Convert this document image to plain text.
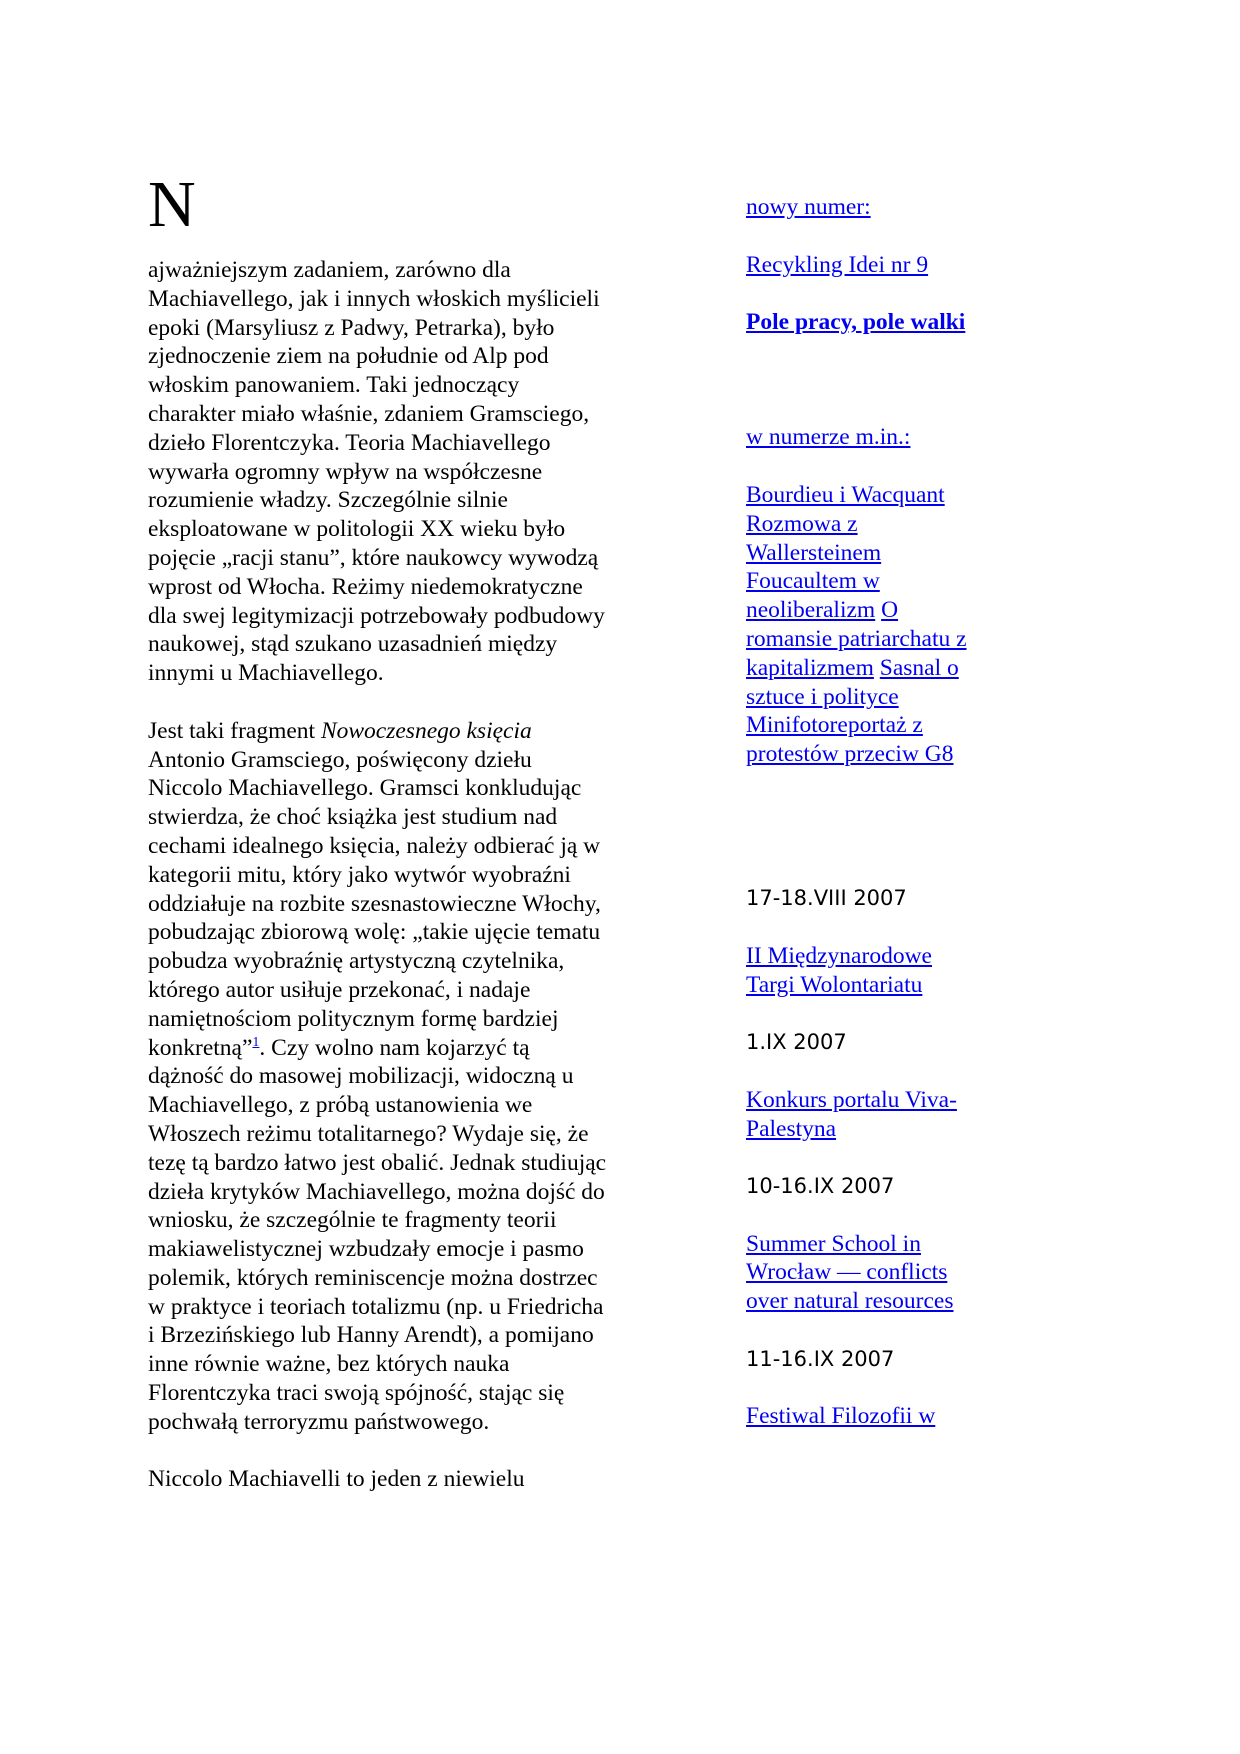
N

ajważniejszym zadaniem, zarówno dla Machiavellego, jak i innych włoskich myślicieli epoki (Marsyliusz z Padwy, Petrarka), było zjednoczenie ziem na południe od Alp pod włoskim panowaniem. Taki jednoczący charakter miało właśnie, zdaniem Gramsciego, dzieło Florentczyka. Teoria Machiavellego wywarła ogromny wpływ na współczesne rozumienie władzy. Szczególnie silnie eksploatowane w politologii XX wieku było pojęcie „racji stanu”, które naukowcy wywodzą wprost od Włocha. Reżimy niedemokratyczne dla swej legitymizacji potrzebowały podbudowy naukowej, stąd szukano uzasadnień między innymi u Machiavellego.

Jest taki fragment Nowoczesnego księcia Antonio Gramsciego, poświęcony dziełu Niccolo Machiavellego. Gramsci konkludując stwierdza, że choć książka jest studium nad cechami idealnego księcia, należy odbierać ją w kategorii mitu, który jako wytwór wyobraźni oddziałuje na rozbite szesnastowieczne Włochy, pobudzając zbiorową wolę: „takie ujęcie tematu pobudza wyobraźnię artystyczną czytelnika, którego autor usiłuje przekonać, i nadaje namiętnościom politycznym formę bardziej konkretną”$^1$. Czy wolno nam kojarzyć tą dążność do masowej mobilizacji, widoczną u Machiavellego, z próbą ustanowienia we Włoszech reżimu totalitarnego? Wydaje się, że tezę tą bardzo łatwo jest obalić. Jednak studiując dzieła krytyków Machiavellego, można dojść do wniosku, że szczególnie te fragmenty teorii makiawelistycznej wzbudzały emocje i pasmo polemik, których reminiscencje można dostrzec w praktyce i teoriach totalizmu (np. u Friedricha i Brzezińskiego lub Hanny Arendt), a pomijano inne równie ważne, bez których nauka Florentczyka traci swoją spójność, stając się pochwałą terroryzmu państwowego.

Niccolo Machiavelli to jeden z niewielu

nowy numer:
Recykling Idei nr 9
Pole pracy, pole walki
w numerze m.in.:
Bourdieu i Wacquant Rozmowa z Wallersteinem Foucaultem w neoliberalizm O romansie patriarchatu z kapitalizmem Sasnal o sztuce i polityce Minifotoreportaż z protestów przeciw G8
17-18.VIII 2007
II Międzynarodowe Targi Wolontariatu
1.IX 2007
Konkurs portalu Viva-Palestyna
10-16.IX 2007
Summer School in Wrocław — conflicts over natural resources
11-16.IX 2007
Festiwal Filozofii w
